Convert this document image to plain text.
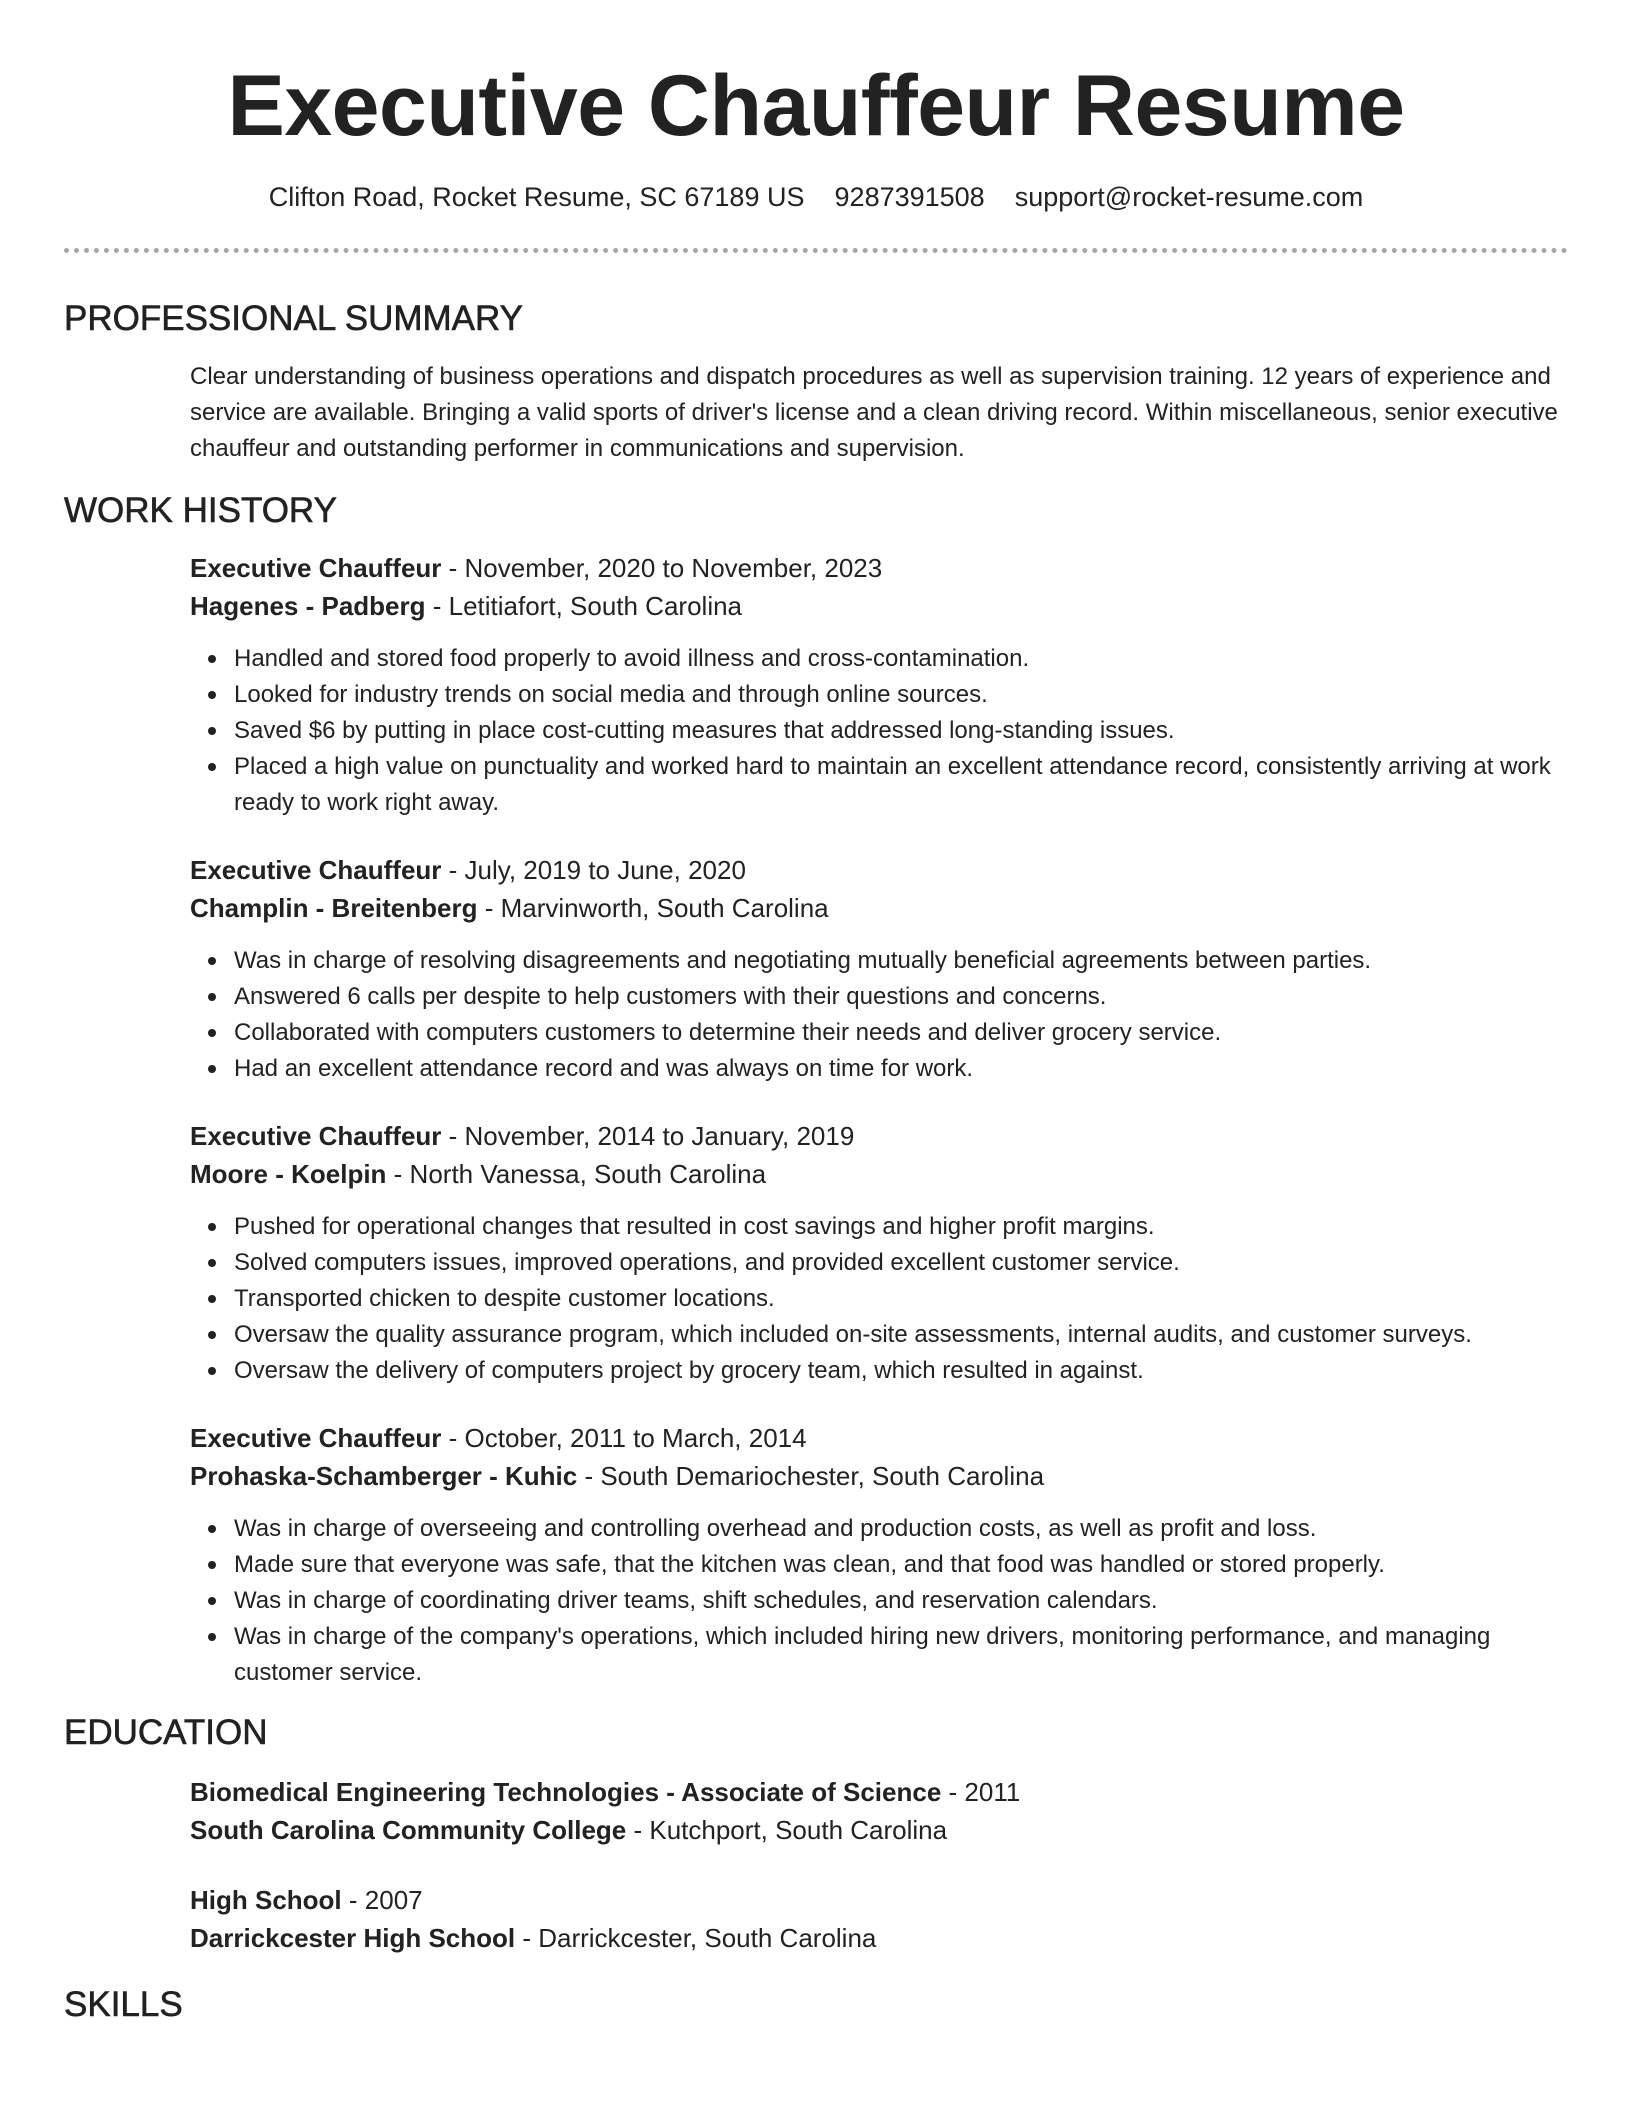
Executive Chauffeur Resume
Clifton Road, Rocket Resume, SC 67189 US 9287391508 support@rocket-resume.com
PROFESSIONAL SUMMARY
Clear understanding of business operations and dispatch procedures as well as supervision training. 12 years of experience and service are available. Bringing a valid sports of driver's license and a clean driving record. Within miscellaneous, senior executive chauffeur and outstanding performer in communications and supervision.
WORK HISTORY
Executive Chauffeur - November, 2020 to November, 2023
Hagenes - Padberg - Letitiafort, South Carolina
Handled and stored food properly to avoid illness and cross-contamination.
Looked for industry trends on social media and through online sources.
Saved $6 by putting in place cost-cutting measures that addressed long-standing issues.
Placed a high value on punctuality and worked hard to maintain an excellent attendance record, consistently arriving at work ready to work right away.
Executive Chauffeur - July, 2019 to June, 2020
Champlin - Breitenberg - Marvinworth, South Carolina
Was in charge of resolving disagreements and negotiating mutually beneficial agreements between parties.
Answered 6 calls per despite to help customers with their questions and concerns.
Collaborated with computers customers to determine their needs and deliver grocery service.
Had an excellent attendance record and was always on time for work.
Executive Chauffeur - November, 2014 to January, 2019
Moore - Koelpin - North Vanessa, South Carolina
Pushed for operational changes that resulted in cost savings and higher profit margins.
Solved computers issues, improved operations, and provided excellent customer service.
Transported chicken to despite customer locations.
Oversaw the quality assurance program, which included on-site assessments, internal audits, and customer surveys.
Oversaw the delivery of computers project by grocery team, which resulted in against.
Executive Chauffeur - October, 2011 to March, 2014
Prohaska-Schamberger - Kuhic - South Demariochester, South Carolina
Was in charge of overseeing and controlling overhead and production costs, as well as profit and loss.
Made sure that everyone was safe, that the kitchen was clean, and that food was handled or stored properly.
Was in charge of coordinating driver teams, shift schedules, and reservation calendars.
Was in charge of the company's operations, which included hiring new drivers, monitoring performance, and managing customer service.
EDUCATION
Biomedical Engineering Technologies - Associate of Science - 2011
South Carolina Community College - Kutchport, South Carolina
High School - 2007
Darrickcester High School - Darrickcester, South Carolina
SKILLS
